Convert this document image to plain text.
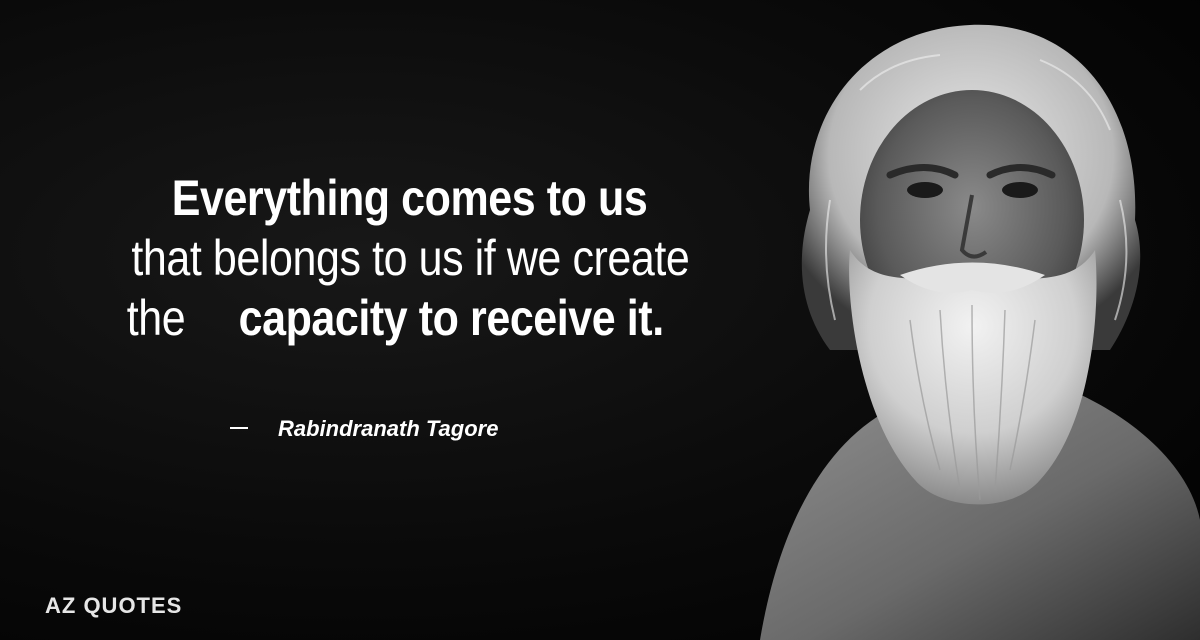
Everything comes to us
that belongs to us if we create
the capacity to receive it.
Rabindranath Tagore
AZ QUOTES
